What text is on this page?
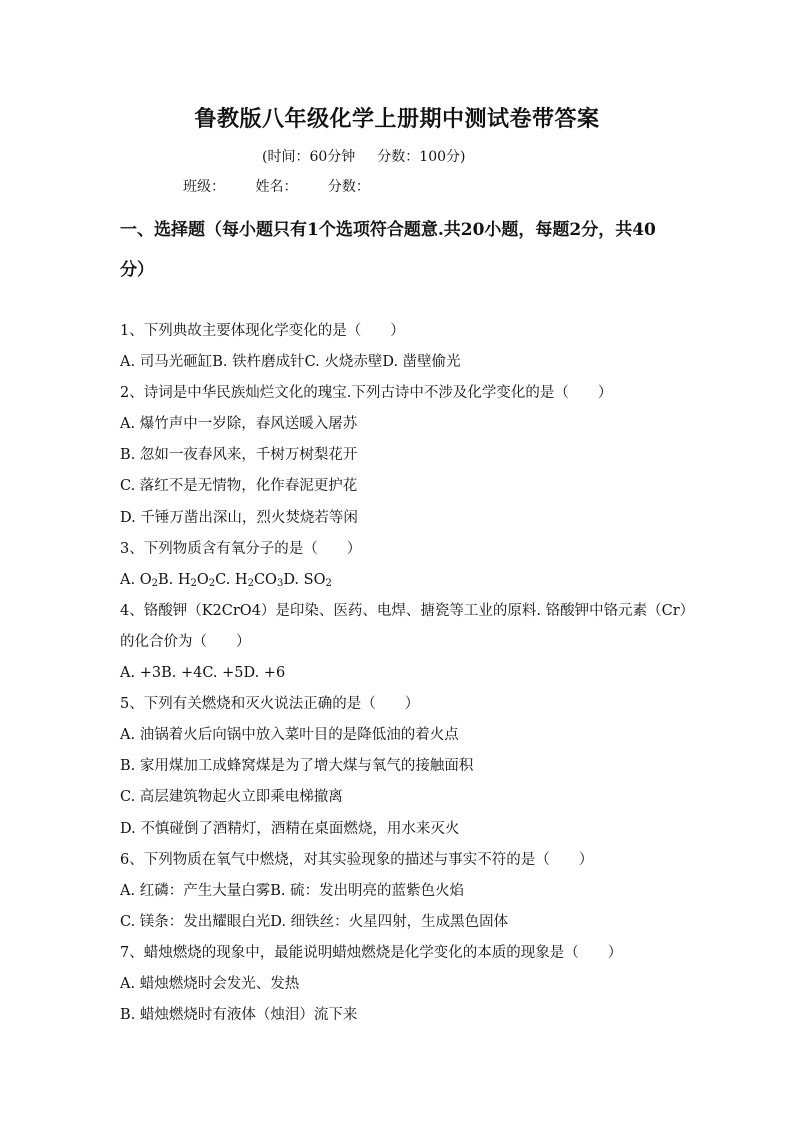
鲁教版八年级化学上册期中测试卷带答案
(时间：60分钟 分数：100分)
班级： 姓名： 分数：
一、选择题（每小题只有1个选项符合题意.共20小题，每题2分，共40分）
1、下列典故主要体现化学变化的是（　　）
A. 司马光砸缸B. 铁杵磨成针C. 火烧赤壁D. 凿壁偷光
2、诗词是中华民族灿烂文化的瑰宝.下列古诗中不涉及化学变化的是（　　）
A. 爆竹声中一岁除，春风送暖入屠苏
B. 忽如一夜春风来，千树万树梨花开
C. 落红不是无情物，化作春泥更护花
D. 千锤万凿出深山，烈火焚烧若等闲
3、下列物质含有氧分子的是（　　）
A. $O_2B$. $H_2O_2C$. $H_2CO_3D$. $SO_2$
4、铬酸钾（K2CrO4）是印染、医药、电焊、搪瓷等工业的原料. 铬酸钾中铬元素（Cr）的化合价为（　　）
A. +3B. +4C. +5D. +6
5、下列有关燃烧和灭火说法正确的是（　　）
A. 油锅着火后向锅中放入菜叶目的是降低油的着火点
B. 家用煤加工成蜂窝煤是为了增大煤与氧气的接触面积
C. 高层建筑物起火立即乘电梯撤离
D. 不慎碰倒了酒精灯，酒精在桌面燃烧，用水来灭火
6、下列物质在氧气中燃烧，对其实验现象的描述与事实不符的是（　　）
A. 红磷：产生大量白雾B. 硫：发出明亮的蓝紫色火焰
C. 镁条：发出耀眼白光D. 细铁丝：火星四射，生成黑色固体
7、蜡烛燃烧的现象中，最能说明蜡烛燃烧是化学变化的本质的现象是（　　）
A. 蜡烛燃烧时会发光、发热
B. 蜡烛燃烧时有液体（烛泪）流下来
